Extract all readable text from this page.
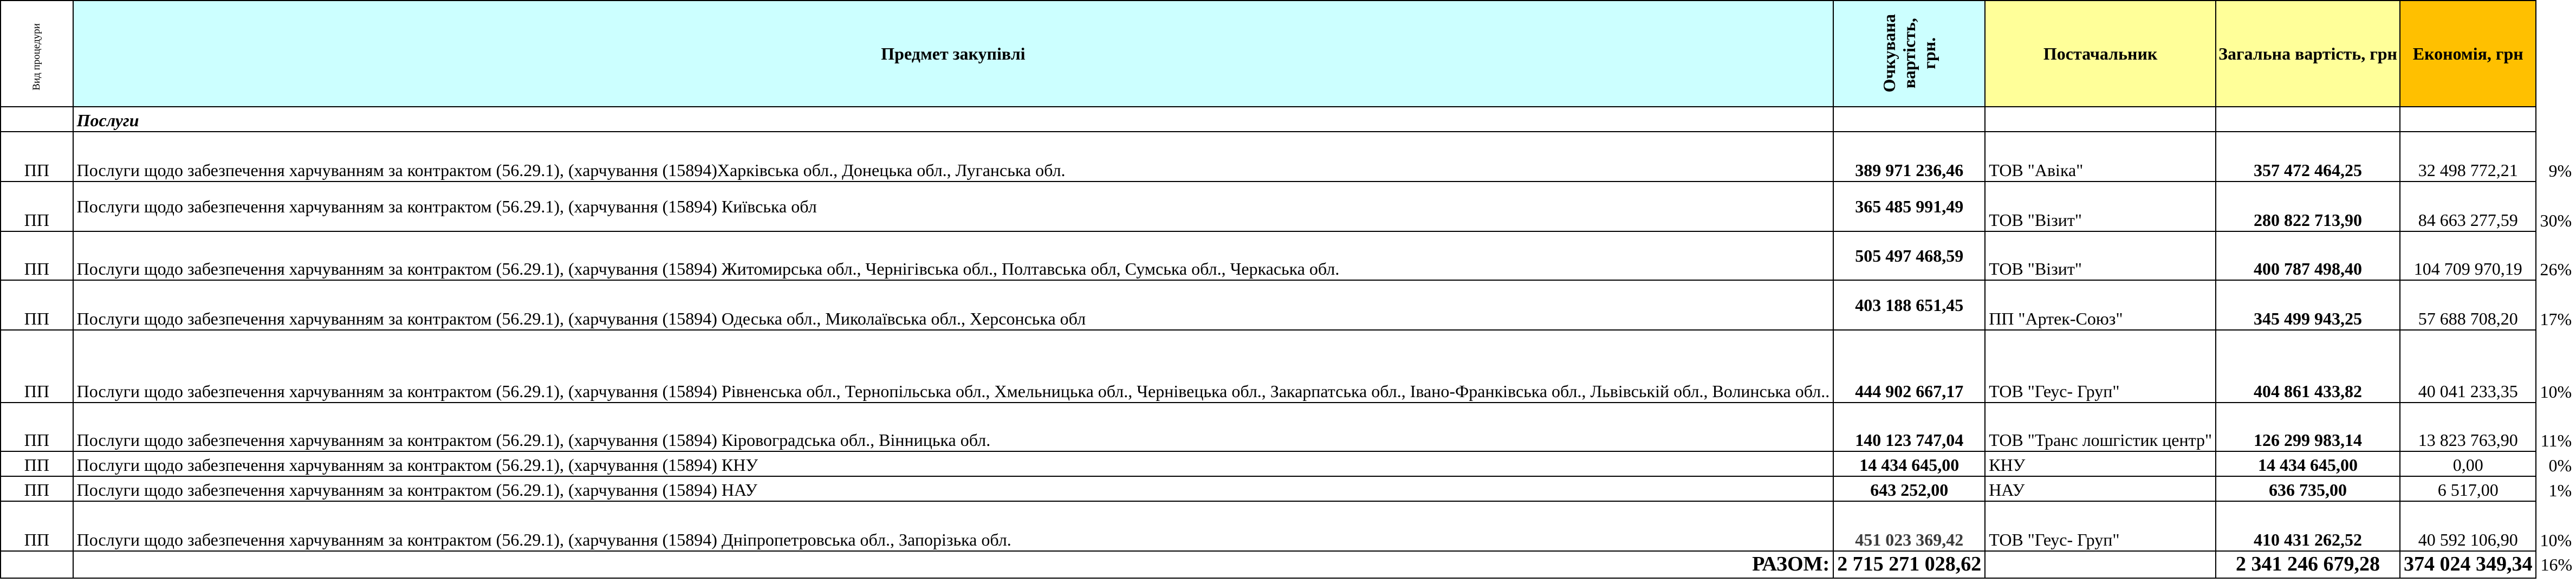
Вид процедури	Предмет закупівлі	Очкувана вартість, грн.	Постачальник	Загальна вартість, грн	Економія, грн	
	Послуги					
ПП	Послуги щодо забезпечення харчуванням за контрактом (56.29.1), (харчування (15894)Харківська обл., Донецька обл., Луганська обл.	389 971 236,46	ТОВ "Авіка"	357 472 464,25	32 498 772,21	9%
ПП	Послуги щодо забезпечення харчуванням за контрактом (56.29.1), (харчування (15894) Київська обл	365 485 991,49	ТОВ "Візит"	280 822 713,90	84 663 277,59	30%
ПП	Послуги щодо забезпечення харчуванням за контрактом (56.29.1), (харчування (15894) Житомирська обл., Чернігівська обл., Полтавська обл, Сумська обл., Черкаська обл.	505 497 468,59	ТОВ "Візит"	400 787 498,40	104 709 970,19	26%
ПП	Послуги щодо забезпечення харчуванням за контрактом (56.29.1), (харчування (15894) Одеська обл., Миколаївська обл., Херсонська обл	403 188 651,45	ПП "Артек-Союз"	345 499 943,25	57 688 708,20	17%
ПП	Послуги щодо забезпечення харчуванням за контрактом (56.29.1), (харчування (15894) Рівненська обл., Тернопільська обл., Хмельницька обл., Чернівецька обл., Закарпатська обл., Івано-Франківська обл., Львівській обл., Волинська обл..	444 902 667,17	ТОВ "Геус- Груп"	404 861 433,82	40 041 233,35	10%
ПП	Послуги щодо забезпечення харчуванням за контрактом (56.29.1), (харчування (15894) Кіровоградська обл., Вінницька обл.	140 123 747,04	ТОВ "Транс лошгістик центр"	126 299 983,14	13 823 763,90	11%
ПП	Послуги щодо забезпечення харчуванням за контрактом (56.29.1), (харчування (15894) КНУ	14 434 645,00	КНУ	14 434 645,00	0,00	0%
ПП	Послуги щодо забезпечення харчуванням за контрактом (56.29.1), (харчування (15894) НАУ	643 252,00	НАУ	636 735,00	6 517,00	1%
ПП	Послуги щодо забезпечення харчуванням за контрактом (56.29.1), (харчування (15894) Дніпропетровська обл., Запорізька обл.	451 023 369,42	ТОВ "Геус- Груп"	410 431 262,52	40 592 106,90	10%
	РАЗОМ:	2 715 271 028,62		2 341 246 679,28	374 024 349,34	16%
